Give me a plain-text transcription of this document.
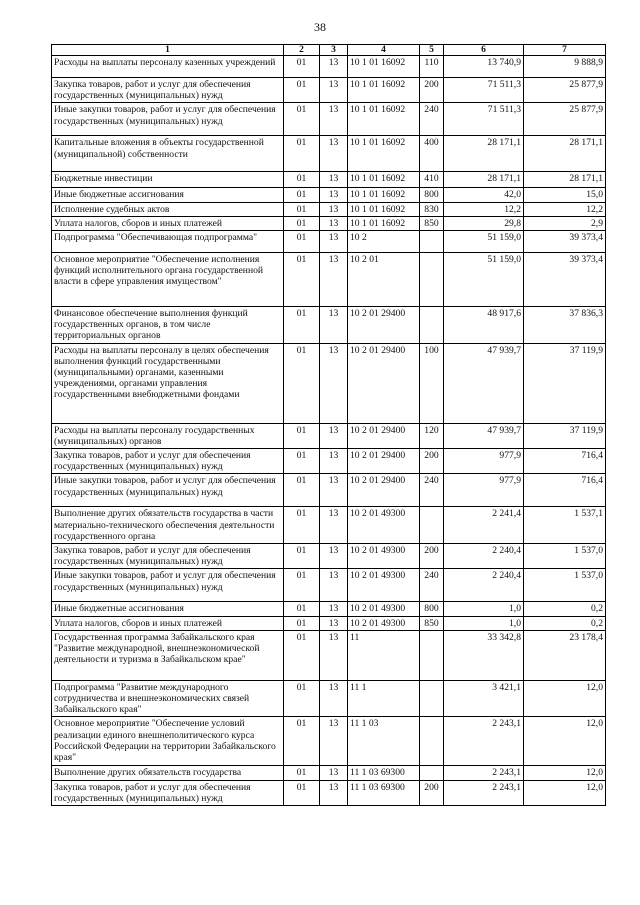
38
1	2	3	4	5	6	7
Расходы на выплаты персоналу казенных учреждений	01	13	10 1 01 16092	110	13 740,9	9 888,9
Закупка товаров, работ и услуг для обеспечения государственных (муниципальных) нужд	01	13	10 1 01 16092	200	71 511,3	25 877,9
Иные закупки товаров, работ и услуг для обеспечения государственных (муниципальных) нужд	01	13	10 1 01 16092	240	71 511,3	25 877,9
Капитальные вложения в объекты государственной (муниципальной) собственности	01	13	10 1 01 16092	400	28 171,1	28 171,1
Бюджетные инвестиции	01	13	10 1 01 16092	410	28 171,1	28 171,1
Иные бюджетные ассигнования	01	13	10 1 01 16092	800	42,0	15,0
Исполнение судебных актов	01	13	10 1 01 16092	830	12,2	12,2
Уплата налогов, сборов и иных платежей	01	13	10 1 01 16092	850	29,8	2,9
Подпрограмма "Обеспечивающая подпрограмма"	01	13	10 2		51 159,0	39 373,4
Основное мероприятие "Обеспечение исполнения функций исполнительного органа государственной власти в сфере управления имуществом"	01	13	10 2 01		51 159,0	39 373,4
Финансовое обеспечение выполнения функций государственных органов, в том числе территориальных органов	01	13	10 2 01 29400		48 917,6	37 836,3
Расходы на выплаты персоналу в целях обеспечения выполнения функций государственными (муниципальными) органами, казенными учреждениями, органами управления государственными внебюджетными фондами	01	13	10 2 01 29400	100	47 939,7	37 119,9
Расходы на выплаты персоналу государственных (муниципальных) органов	01	13	10 2 01 29400	120	47 939,7	37 119,9
Закупка товаров, работ и услуг для обеспечения государственных (муниципальных) нужд	01	13	10 2 01 29400	200	977,9	716,4
Иные закупки товаров, работ и услуг для обеспечения государственных (муниципальных) нужд	01	13	10 2 01 29400	240	977,9	716,4
Выполнение других обязательств государства в части материально-технического обеспечения деятельности государственного органа	01	13	10 2 01 49300		2 241,4	1 537,1
Закупка товаров, работ и услуг для обеспечения государственных (муниципальных) нужд	01	13	10 2 01 49300	200	2 240,4	1 537,0
Иные закупки товаров, работ и услуг для обеспечения государственных (муниципальных) нужд	01	13	10 2 01 49300	240	2 240,4	1 537,0
Иные бюджетные ассигнования	01	13	10 2 01 49300	800	1,0	0,2
Уплата налогов, сборов и иных платежей	01	13	10 2 01 49300	850	1,0	0,2
Государственная программа Забайкальского края "Развитие международной, внешнеэкономической деятельности и туризма в Забайкальском крае"	01	13	11		33 342,8	23 178,4
Подпрограмма "Развитие международного сотрудничества и внешнеэкономических связей Забайкальского края"	01	13	11 1		3 421,1	12,0
Основное мероприятие "Обеспечение условий реализации единого внешнеполитического курса Российской Федерации на территории Забайкальского края"	01	13	11 1 03		2 243,1	12,0
Выполнение других обязательств государства	01	13	11 1 03 69300		2 243,1	12,0
Закупка товаров, работ и услуг для обеспечения государственных (муниципальных) нужд	01	13	11 1 03 69300	200	2 243,1	12,0
